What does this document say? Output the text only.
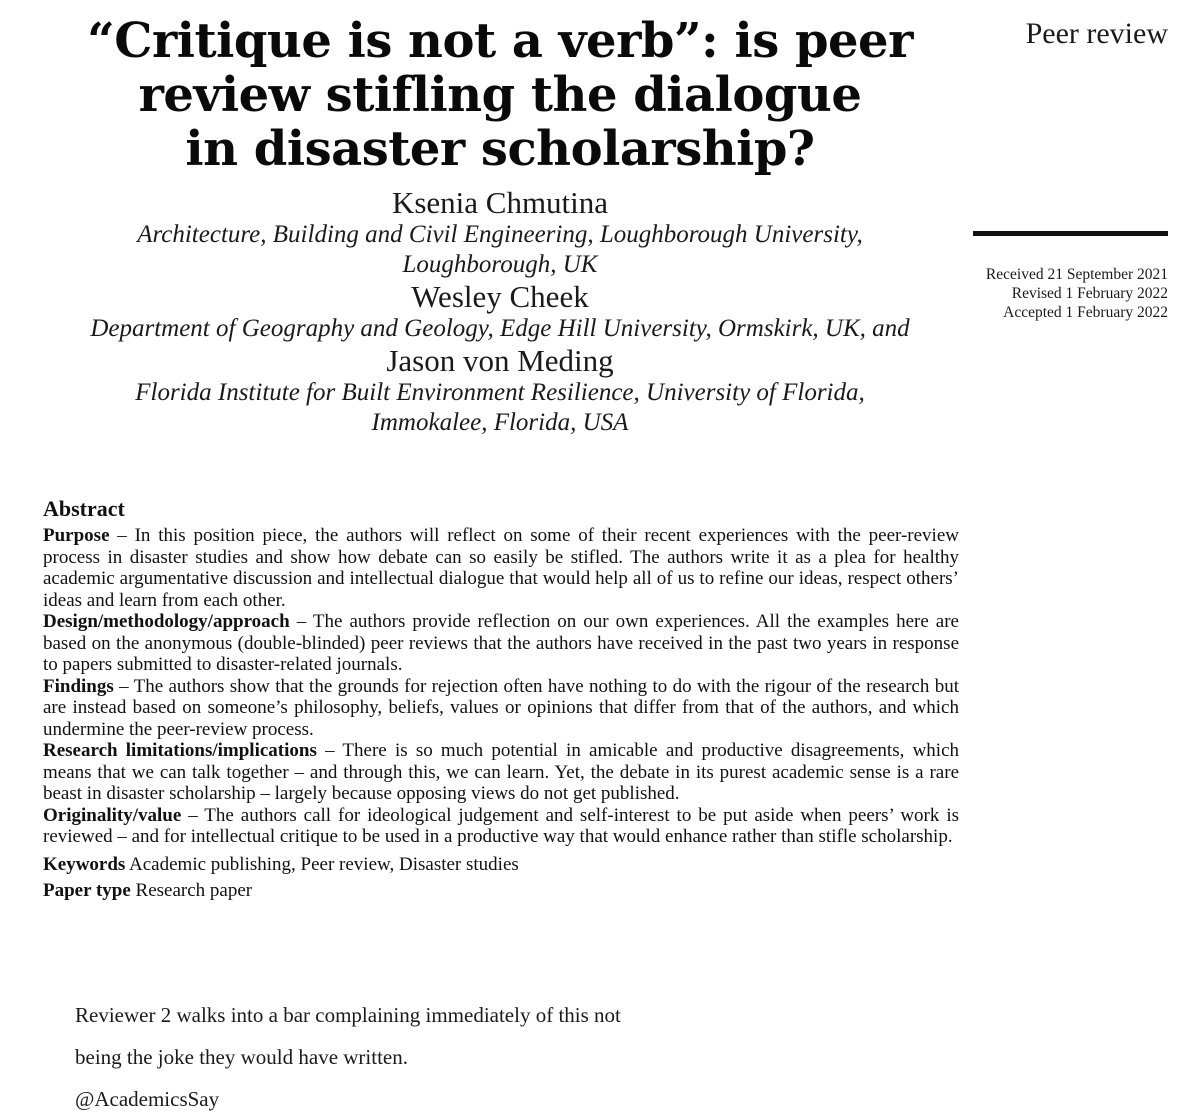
“Critique is not a verb”: is peer
review stifling the dialogue
in disaster scholarship?
Ksenia Chmutina
Architecture, Building and Civil Engineering, Loughborough University,
Loughborough, UK
Wesley Cheek
Department of Geography and Geology, Edge Hill University, Ormskirk, UK, and
Jason von Meding
Florida Institute for Built Environment Resilience, University of Florida,
Immokalee, Florida, USA
Peer review
Received 21 September 2021
Revised 1 February 2022
Accepted 1 February 2022
Abstract
Purpose – In this position piece, the authors will reflect on some of their recent experiences with the peer-review process in disaster studies and show how debate can so easily be stifled. The authors write it as a plea for healthy academic argumentative discussion and intellectual dialogue that would help all of us to refine our ideas, respect others’ ideas and learn from each other.
Design/methodology/approach – The authors provide reflection on our own experiences. All the examples here are based on the anonymous (double-blinded) peer reviews that the authors have received in the past two years in response to papers submitted to disaster-related journals.
Findings – The authors show that the grounds for rejection often have nothing to do with the rigour of the research but are instead based on someone’s philosophy, beliefs, values or opinions that differ from that of the authors, and which undermine the peer-review process.
Research limitations/implications – There is so much potential in amicable and productive disagreements, which means that we can talk together – and through this, we can learn. Yet, the debate in its purest academic sense is a rare beast in disaster scholarship – largely because opposing views do not get published.
Originality/value – The authors call for ideological judgement and self-interest to be put aside when peers’ work is reviewed – and for intellectual critique to be used in a productive way that would enhance rather than stifle scholarship.
Keywords Academic publishing, Peer review, Disaster studies
Paper type Research paper
Reviewer 2 walks into a bar complaining immediately of this not
being the joke they would have written.
@AcademicsSay
